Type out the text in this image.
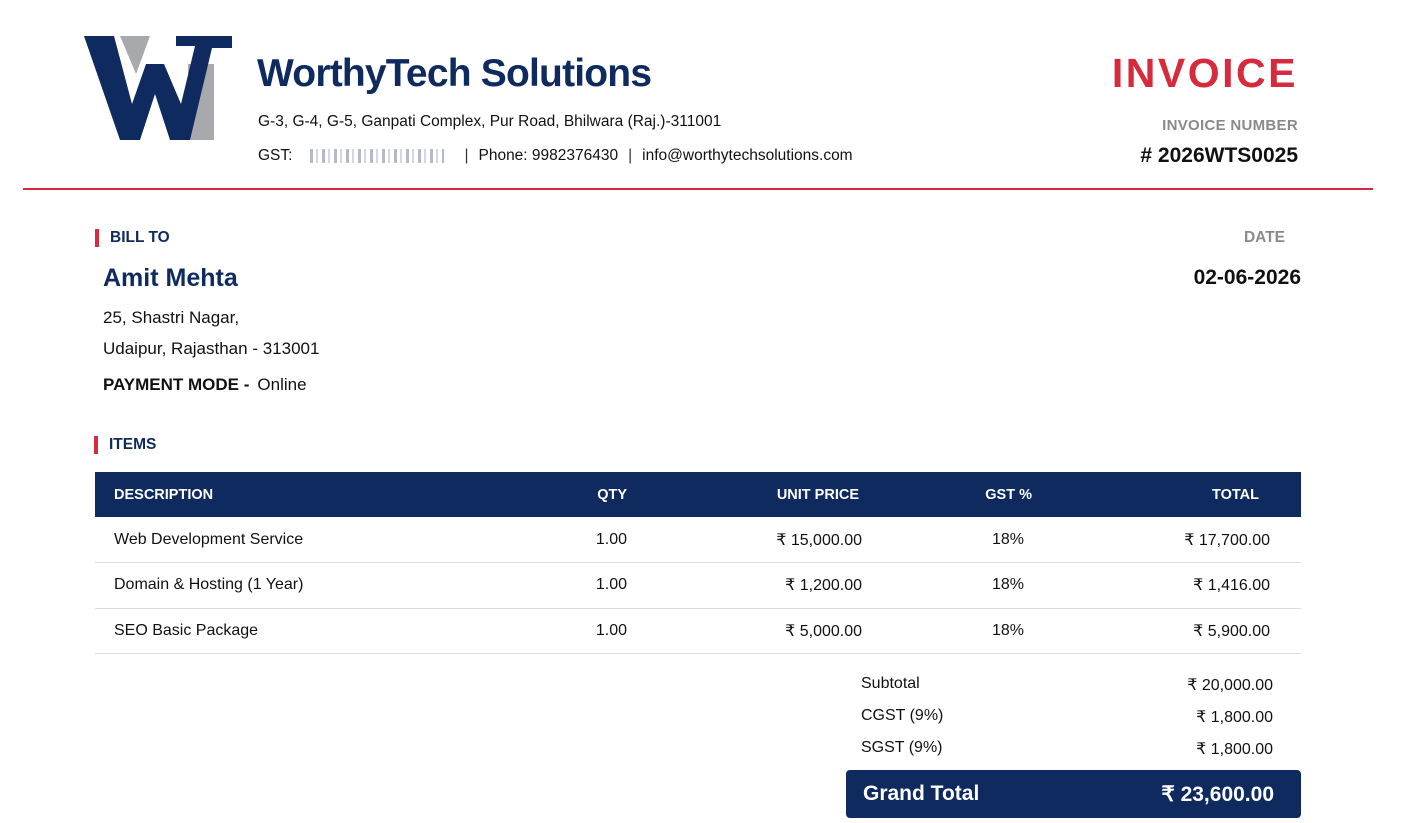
WorthyTech Solutions
G-3, G-4, G-5, Ganpati Complex, Pur Road, Bhilwara (Raj.)-311001
GST:	| Phone: 9982376430 | info@worthytechsolutions.com
INVOICE
INVOICE NUMBER
# 2026WTS0025
BILL TO
Amit Mehta
25, Shastri Nagar,
Udaipur, Rajasthan - 313001
PAYMENT MODE - Online
DATE
02-06-2026
ITEMS
DESCRIPTION	QTY	UNIT PRICE	GST %	TOTAL
Web Development Service	1.00	₹ 15,000.00	18%	₹ 17,700.00
Domain & Hosting (1 Year)	1.00	₹ 1,200.00	18%	₹ 1,416.00
SEO Basic Package	1.00	₹ 5,000.00	18%	₹ 5,900.00
Subtotal	₹ 20,000.00
CGST (9%)	₹ 1,800.00
SGST (9%)	₹ 1,800.00
Grand Total	₹ 23,600.00
